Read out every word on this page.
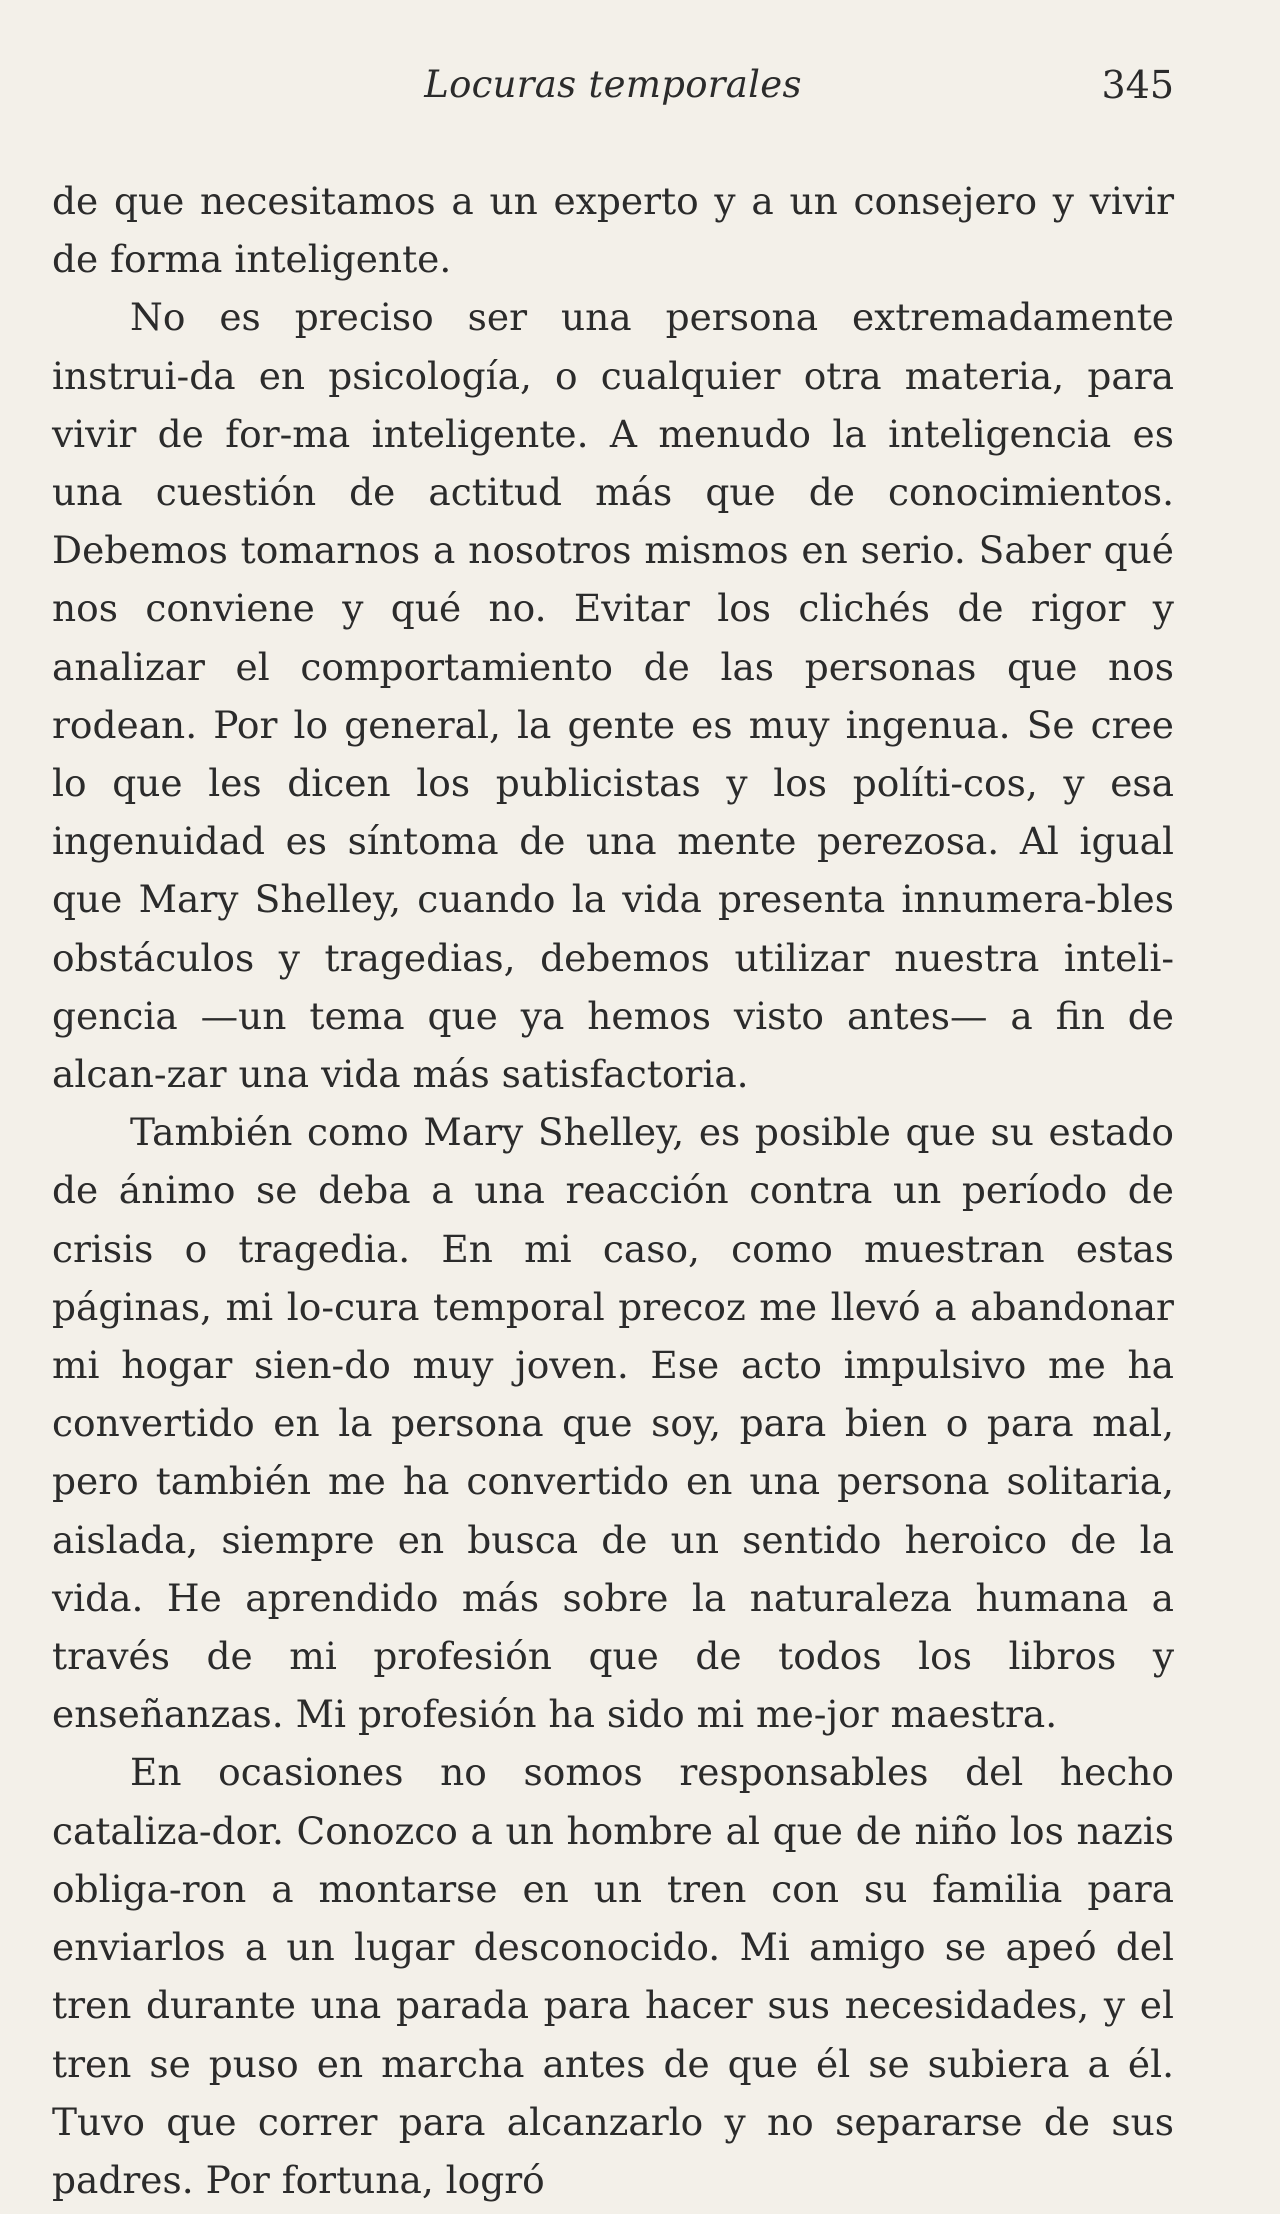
Locuras temporales	345

de que necesitamos a un experto y a un consejero y vivir de forma inteligente.

No es preciso ser una persona extremadamente instrui-da en psicología, o cualquier otra materia, para vivir de for-ma inteligente. A menudo la inteligencia es una cuestión de actitud más que de conocimientos. Debemos tomarnos a nosotros mismos en serio. Saber qué nos conviene y qué no. Evitar los clichés de rigor y analizar el comportamiento de las personas que nos rodean. Por lo general, la gente es muy ingenua. Se cree lo que les dicen los publicistas y los políti-cos, y esa ingenuidad es síntoma de una mente perezosa. Al igual que Mary Shelley, cuando la vida presenta innumera-bles obstáculos y tragedias, debemos utilizar nuestra inteli-gencia —un tema que ya hemos visto antes— a fin de alcan-zar una vida más satisfactoria.

También como Mary Shelley, es posible que su estado de ánimo se deba a una reacción contra un período de crisis o tragedia. En mi caso, como muestran estas páginas, mi lo-cura temporal precoz me llevó a abandonar mi hogar sien-do muy joven. Ese acto impulsivo me ha convertido en la persona que soy, para bien o para mal, pero también me ha convertido en una persona solitaria, aislada, siempre en busca de un sentido heroico de la vida. He aprendido más sobre la naturaleza humana a través de mi profesión que de todos los libros y enseñanzas. Mi profesión ha sido mi me-jor maestra.

En ocasiones no somos responsables del hecho cataliza-dor. Conozco a un hombre al que de niño los nazis obliga-ron a montarse en un tren con su familia para enviarlos a un lugar desconocido. Mi amigo se apeó del tren durante una parada para hacer sus necesidades, y el tren se puso en marcha antes de que él se subiera a él. Tuvo que correr para alcanzarlo y no separarse de sus padres. Por fortuna, logró
